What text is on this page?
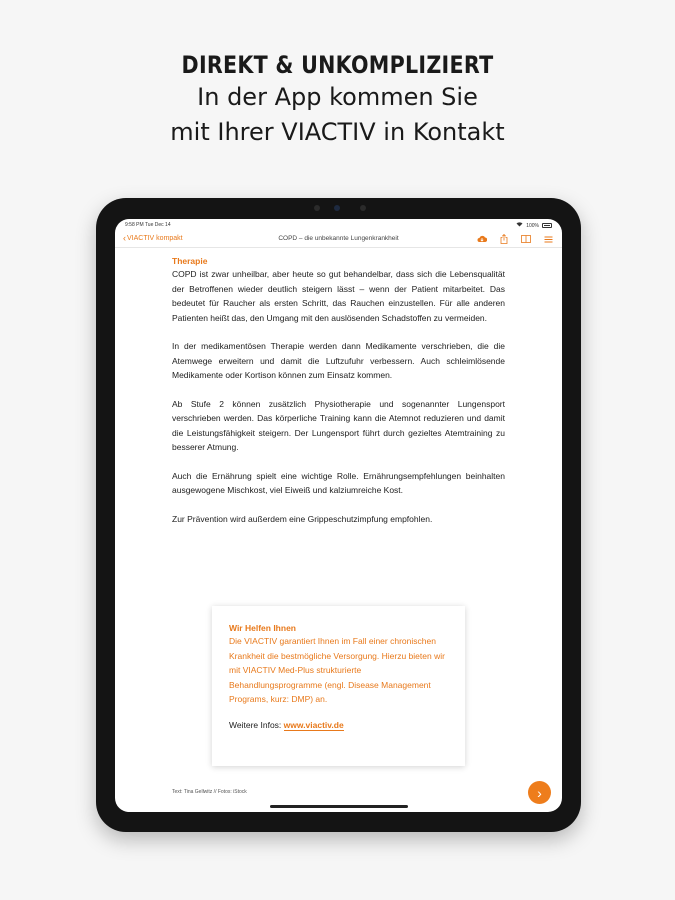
DIREKT & UNKOMPLIZIERT
In der App kommen Sie
mit Ihrer VIACTIV in Kontakt
9:58 PM Tue Dec 14	100%
‹ VIACTIV kompakt	COPD – die unbekannte Lungenkrankheit
Therapie

COPD ist zwar unheilbar, aber heute so gut behandelbar, dass sich die Lebensqualität der Betroffenen wieder deutlich steigern lässt – wenn der Patient mitarbeitet. Das bedeutet für Raucher als ersten Schritt, das Rauchen einzustellen. Für alle anderen Patienten heißt das, den Umgang mit den auslösenden Schadstoffen zu vermeiden.

In der medikamentösen Therapie werden dann Medikamente verschrieben, die die Atemwege erweitern und damit die Luftzufuhr verbessern. Auch schleimlösende Medikamente oder Kortison können zum Einsatz kommen.

Ab Stufe 2 können zusätzlich Physiotherapie und sogenannter Lungensport verschrieben werden. Das körperliche Training kann die Atemnot reduzieren und damit die Leistungsfähigkeit steigern. Der Lungensport führt durch gezieltes Atemtraining zu besserer Atmung.

Auch die Ernährung spielt eine wichtige Rolle. Ernährungsempfehlungen beinhalten ausgewogene Mischkost, viel Eiweiß und kalziumreiche Kost.

Zur Prävention wird außerdem eine Grippeschutzimpfung empfohlen.

Wir Helfen Ihnen
Die VIACTIV garantiert Ihnen im Fall einer chronischen Krankheit die bestmögliche Versorgung. Hierzu bieten wir mit VIACTIV Med-Plus strukturierte Behandlungsprogramme (engl. Disease Management Programs, kurz: DMP) an.
Weitere Infos: www.viactiv.de
Text: Tina Gellwitz // Fotos: iStock	›
